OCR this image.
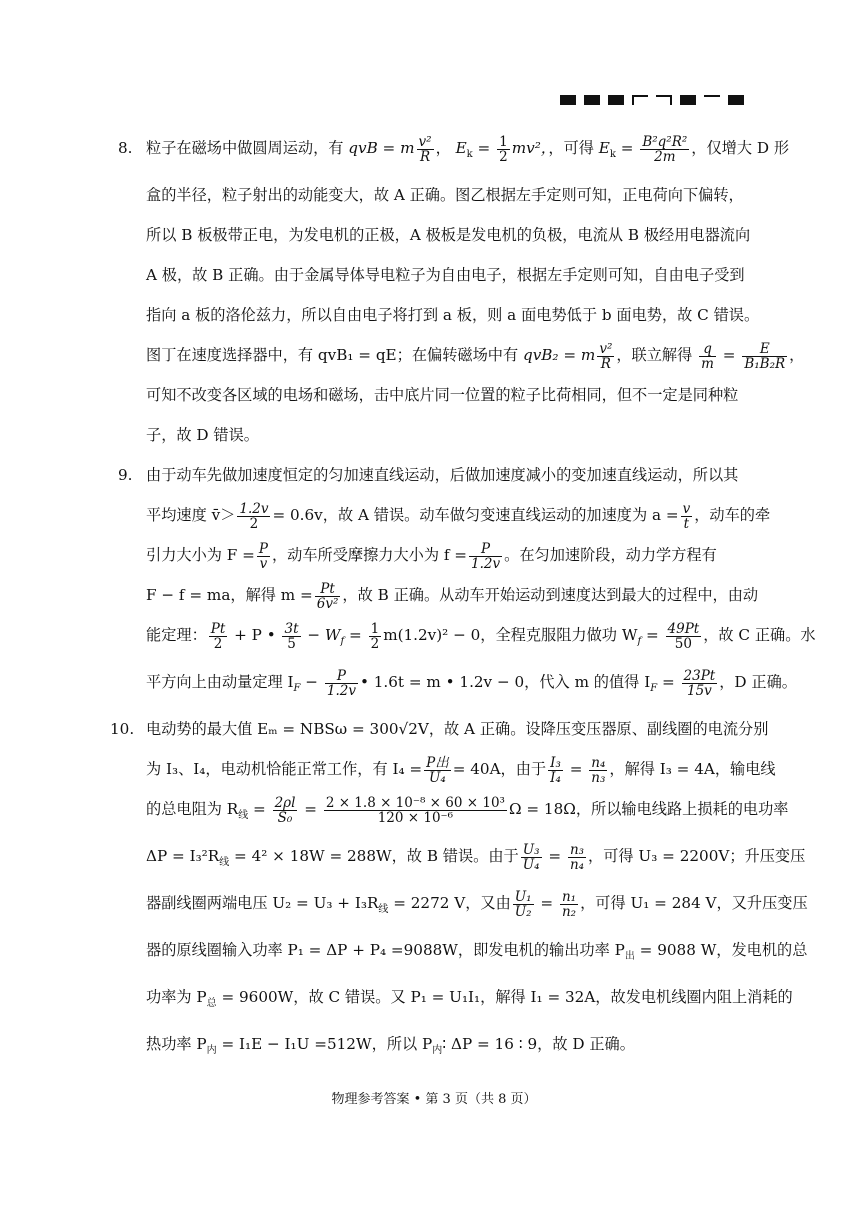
8. 粒子在磁场中做圆周运动，有 qvB = m $\frac{\text{v²}}{R}$ ， $E_k = \frac{1}{2} mv^2$，，可得 $E_k = \frac{\text{B²q²R²}}{2m}$ ，仅增大 D 形
盒的半径，粒子射出的动能变大，故 A 正确。图乙根据左手定则可知，正电荷向下偏转，
所以 B 板极带正电，为发电机的正极，A 极板是发电机的负极，电流从 B 极经用电器流向
A 极，故 B 正确。由于金属导体导电粒子为自由电子，根据左手定则可知，自由电子受到
指向 a 板的洛伦兹力，所以自由电子将打到 a 板，则 a 面电势低于 b 面电势，故 C 错误。
图丁在速度选择器中，有 qvB₁ = qE；在偏转磁场中有 qvB₂ = m $\frac{\text{v²}}{R}$ ，联立解得 $\frac{q}{m} = \frac{E}{\text{B₁B₂R}}$ ，
可知不改变各区域的电场和磁场，击中底片同一位置的粒子比荷相同，但不一定是同种粒
子，故 D 错误。
9. 由于动车先做加速度恒定的匀加速直线运动，后做加速度减小的变加速直线运动，所以其
平均速度 v̄＞ $\frac{1.2v}{2} = 0.6v$，故 A 错误。动车做匀变速直线运动的加速度为 $a = \frac{v}{t}$ ，动车的牵
引力大小为 $F = \frac{P}{v}$ ，动车所受摩擦力大小为 $f = \frac{P}{1.2v}$ 。在匀加速阶段，动力学方程有
F − f = ma，解得 $m = \frac{Pt}{\text{6v²}}$ ，故 B 正确。从动车开始运动到速度达到最大的过程中，由动
能定理： $\frac{Pt}{2} + P$ • $\frac{3t}{5} - W_f = \frac{1}{2} m(1.2v)^2 - 0$，全程克服阻力做功 $W_f = \frac{49Pt}{50}$ ，故 C 正确。水
平方向上由动量定理 $I_F - \frac{P}{1.2v}$ • 1.6t = m • 1.2v − 0，代入 m 的值得 $I_F = \frac{23Pt}{15v}$ ，D 正确。
10. 电动势的最大值 Eₘ = NBSω = 300√2V，故 A 正确。设降压变压器原、副线圈的电流分别
为 I₃、I₄，电动机恰能正常工作，有 $I_4 = \frac{\text{P出}}{\text{U₄}} = 40A$，由于 $\frac{\text{I₃}}{\text{I₄}} = \frac{\text{n₄}}{\text{n₃}}$ ，解得 I₃ = 4A，输电线
的总电阻为 $R_线 = \frac{2\rho l}{\text{S₀}} = \frac{\text{2 × 1.8 × 10⁻⁸ × 60 × 10³}}{\text{120 × 10⁻⁶}}$ Ω = 18Ω，所以输电线路上损耗的电功率
$\Delta P = I_3^2R_线 = 4^2 \times 18W = 288W$，故 B 错误。由于 $\frac{\text{U₃}}{\text{U₄}} = \frac{\text{n₃}}{\text{n₄}}$ ，可得 U₃ = 2200V；升压变压
器副线圈两端电压 $U_2 = U_3 + I_3R_线 = 2272$ V，又由 $\frac{\text{U₁}}{\text{U₂}} = \frac{\text{n₁}}{\text{n₂}}$ ，可得 U₁ = 284 V，又升压变压
器的原线圈输入功率 P₁ = ΔP + P₄ =9088W，即发电机的输出功率 $P_出 = 9088$ W，发电机的总
功率为 $P_总 = 9600W$，故 C 错误。又 P₁ = U₁I₁，解得 I₁ = 32A，故发电机线圈内阻上消耗的
热功率 $P_内 = I_1E - I_1U =512W$，所以 $P_内∶$ ΔP = 16 ∶ 9，故 D 正确。
物理参考答案 • 第 3 页（共 8 页）
